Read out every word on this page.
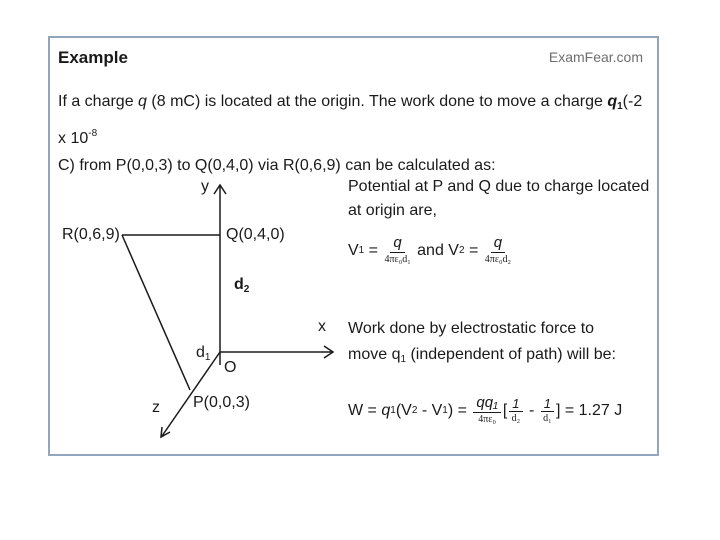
Example	ExamFear.com
If a charge q (8 mC) is located at the origin. The work done to move a charge $q_1(-2$ x $10^{-8}$
C) from P(0,0,3) to Q(0,4,0) via R(0,6,9) can be calculated as:
y
x
z
O
R(0,6,9)	Q(0,4,0)
P(0,0,3)
$d_2$
$d_1$
Potential at P and Q due to charge located
at origin are,
V $1 = \frac{q}{\text{4πε₀d₁}}$ and V $2 = \frac{q}{\text{4πε₀d₂}}$
Work done by electrostatic force to
move $q_1$ (independent of path) will be:
W = q 1 (V 2 - V 1 ) = $\frac{\text{qq₁}}{\text{4πε₀}}$ [ $\frac{1}{\text{d₂}} - \frac{1}{\text{d₁}}$ ] = 1.27 J
